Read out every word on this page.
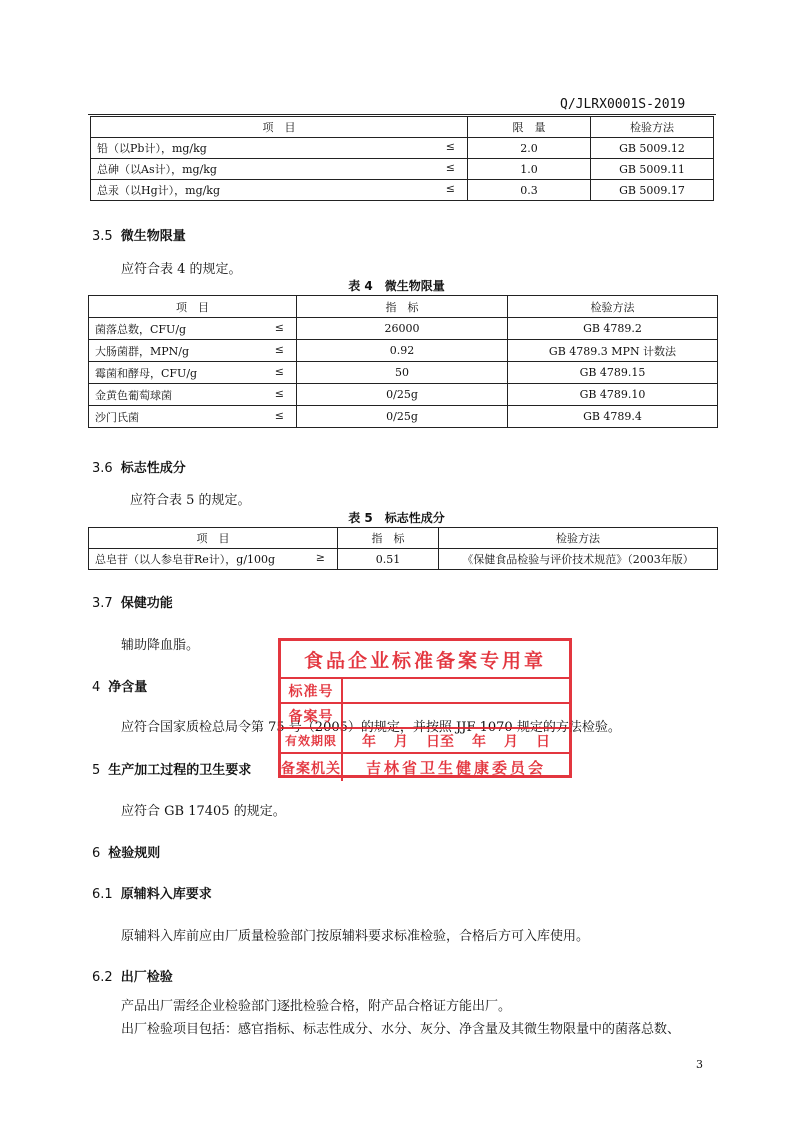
Q/JLRX0001S-2019
项　目	限　量	检验方法

铅（以Pb计），mg/kg ≤	2.0	GB 5009.12

总砷（以As计），mg/kg ≤	1.0	GB 5009.11

总汞（以Hg计），mg/kg ≤	0.3	GB 5009.17
3.5 微生物限量
应符合表 4 的规定。
表 4　微生物限量
项　目	指　标	检验方法

菌落总数，CFU/g ≤	26000	GB 4789.2

大肠菌群，MPN/g ≤	0.92	GB 4789.3 MPN 计数法

霉菌和酵母，CFU/g ≤	50	GB 4789.15

金黄色葡萄球菌 ≤	0/25g	GB 4789.10

沙门氏菌 ≤	0/25g	GB 4789.4
3.6 标志性成分
应符合表 5 的规定。
表 5　标志性成分
项　目	指　标	检验方法

总皂苷（以人参皂苷Re计），g/100g ≥	0.51	《保健食品检验与评价技术规范》（2003年版）
3.7 保健功能
辅助降血脂。
4 净含量
应符合国家质检总局令第 75 号（2005）的规定，并按照 JJF 1070 规定的方法检验。
5 生产加工过程的卫生要求
应符合 GB 17405 的规定。
6 检验规则
6.1 原辅料入库要求
原辅料入库前应由厂质量检验部门按原辅料要求标准检验，合格后方可入库使用。
6.2 出厂检验
产品出厂需经企业检验部门逐批检验合格，附产品合格证方能出厂。
出厂检验项目包括：感官指标、标志性成分、水分、灰分、净含量及其微生物限量中的菌落总数、
食品企业标准备案专用章
标准号
备案号
有效期限	年 月 日至 年 月 日
备案机关	吉林省卫生健康委员会
3
